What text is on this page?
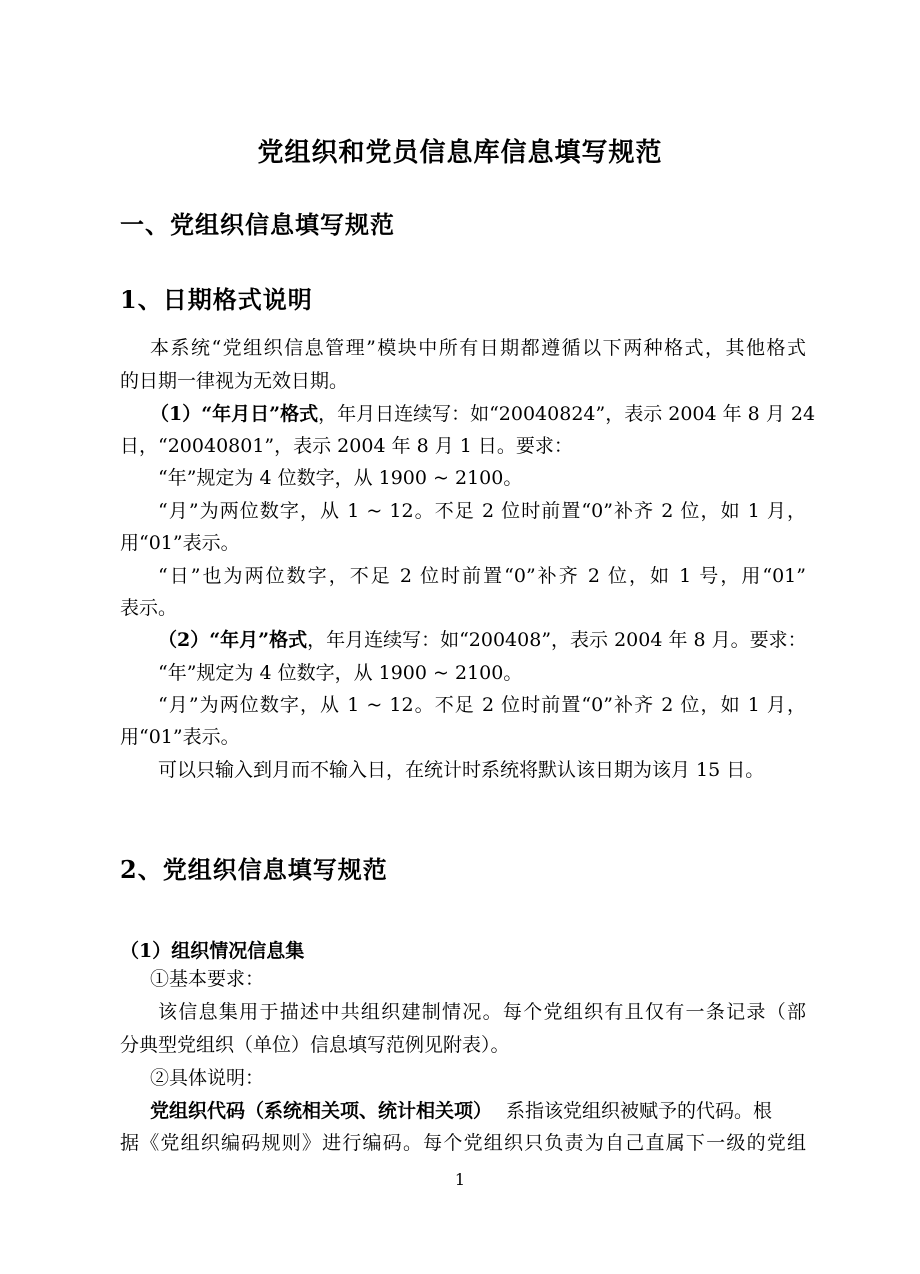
党组织和党员信息库信息填写规范
一、党组织信息填写规范
1、日期格式说明
本系统“党组织信息管理”模块中所有日期都遵循以下两种格式，其他格式
的日期一律视为无效日期。
（1）“年月日”格式，年月日连续写：如“20040824”，表示 2004 年 8 月 24
日，“20040801”，表示 2004 年 8 月 1 日。要求：
“年”规定为 4 位数字，从 1900 ~ 2100。
“月”为两位数字，从 1 ~ 12。不足 2 位时前置“0”补齐 2 位，如 1 月，
用“01”表示。
“日”也为两位数字，不足 2 位时前置“0”补齐 2 位，如 1 号，用“01”
表示。
（2）“年月”格式，年月连续写：如“200408”，表示 2004 年 8 月。要求：
“年”规定为 4 位数字，从 1900 ~ 2100。
“月”为两位数字，从 1 ~ 12。不足 2 位时前置“0”补齐 2 位，如 1 月，
用“01”表示。
可以只输入到月而不输入日，在统计时系统将默认该日期为该月 15 日。
2、党组织信息填写规范
（1）组织情况信息集
①基本要求：
该信息集用于描述中共组织建制情况。每个党组织有且仅有一条记录（部
分典型党组织（单位）信息填写范例见附表）。
②具体说明：
党组织代码（系统相关项、统计相关项） 系指该党组织被赋予的代码。根
据《党组织编码规则》进行编码。每个党组织只负责为自己直属下一级的党组
1
